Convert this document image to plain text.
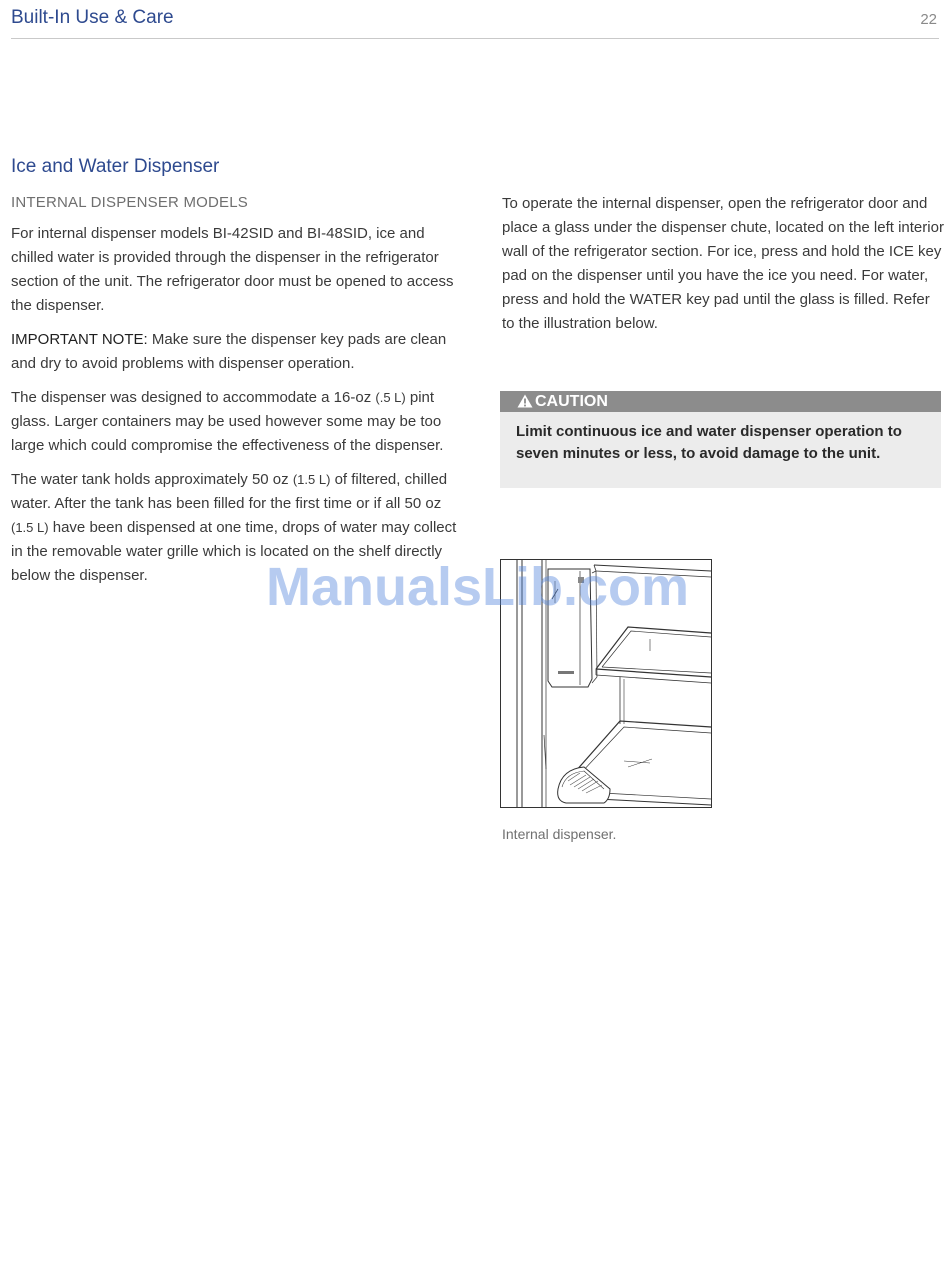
Built-In Use & Care	22
Ice and Water Dispenser
INTERNAL DISPENSER MODELS

For internal dispenser models BI-42SID and BI-48SID, ice and chilled water is provided through the dispenser in the refrigerator section of the unit. The refrigerator door must be opened to access the dispenser.

IMPORTANT NOTE: Make sure the dispenser key pads are clean and dry to avoid problems with dispenser operation.

The dispenser was designed to accommodate a 16-oz (.5 L) pint glass. Larger containers may be used however some may be too large which could compromise the effectiveness of the dispenser.

The water tank holds approximately 50 oz (1.5 L) of filtered, chilled water. After the tank has been filled for the first time or if all 50 oz (1.5 L) have been dispensed at one time, drops of water may collect in the removable water grille which is located on the shelf directly below the dispenser.

To operate the internal dispenser, open the refrigerator door and place a glass under the dispenser chute, located on the left interior wall of the refrigerator section. For ice, press and hold the ICE key pad on the dispenser until you have the ice you need. For water, press and hold the WATER key pad until the glass is filled. Refer to the illustration below.

CAUTION
Limit continuous ice and water dispenser operation to seven minutes or less, to avoid damage to the unit.
Internal dispenser.
ManualsLib.com
